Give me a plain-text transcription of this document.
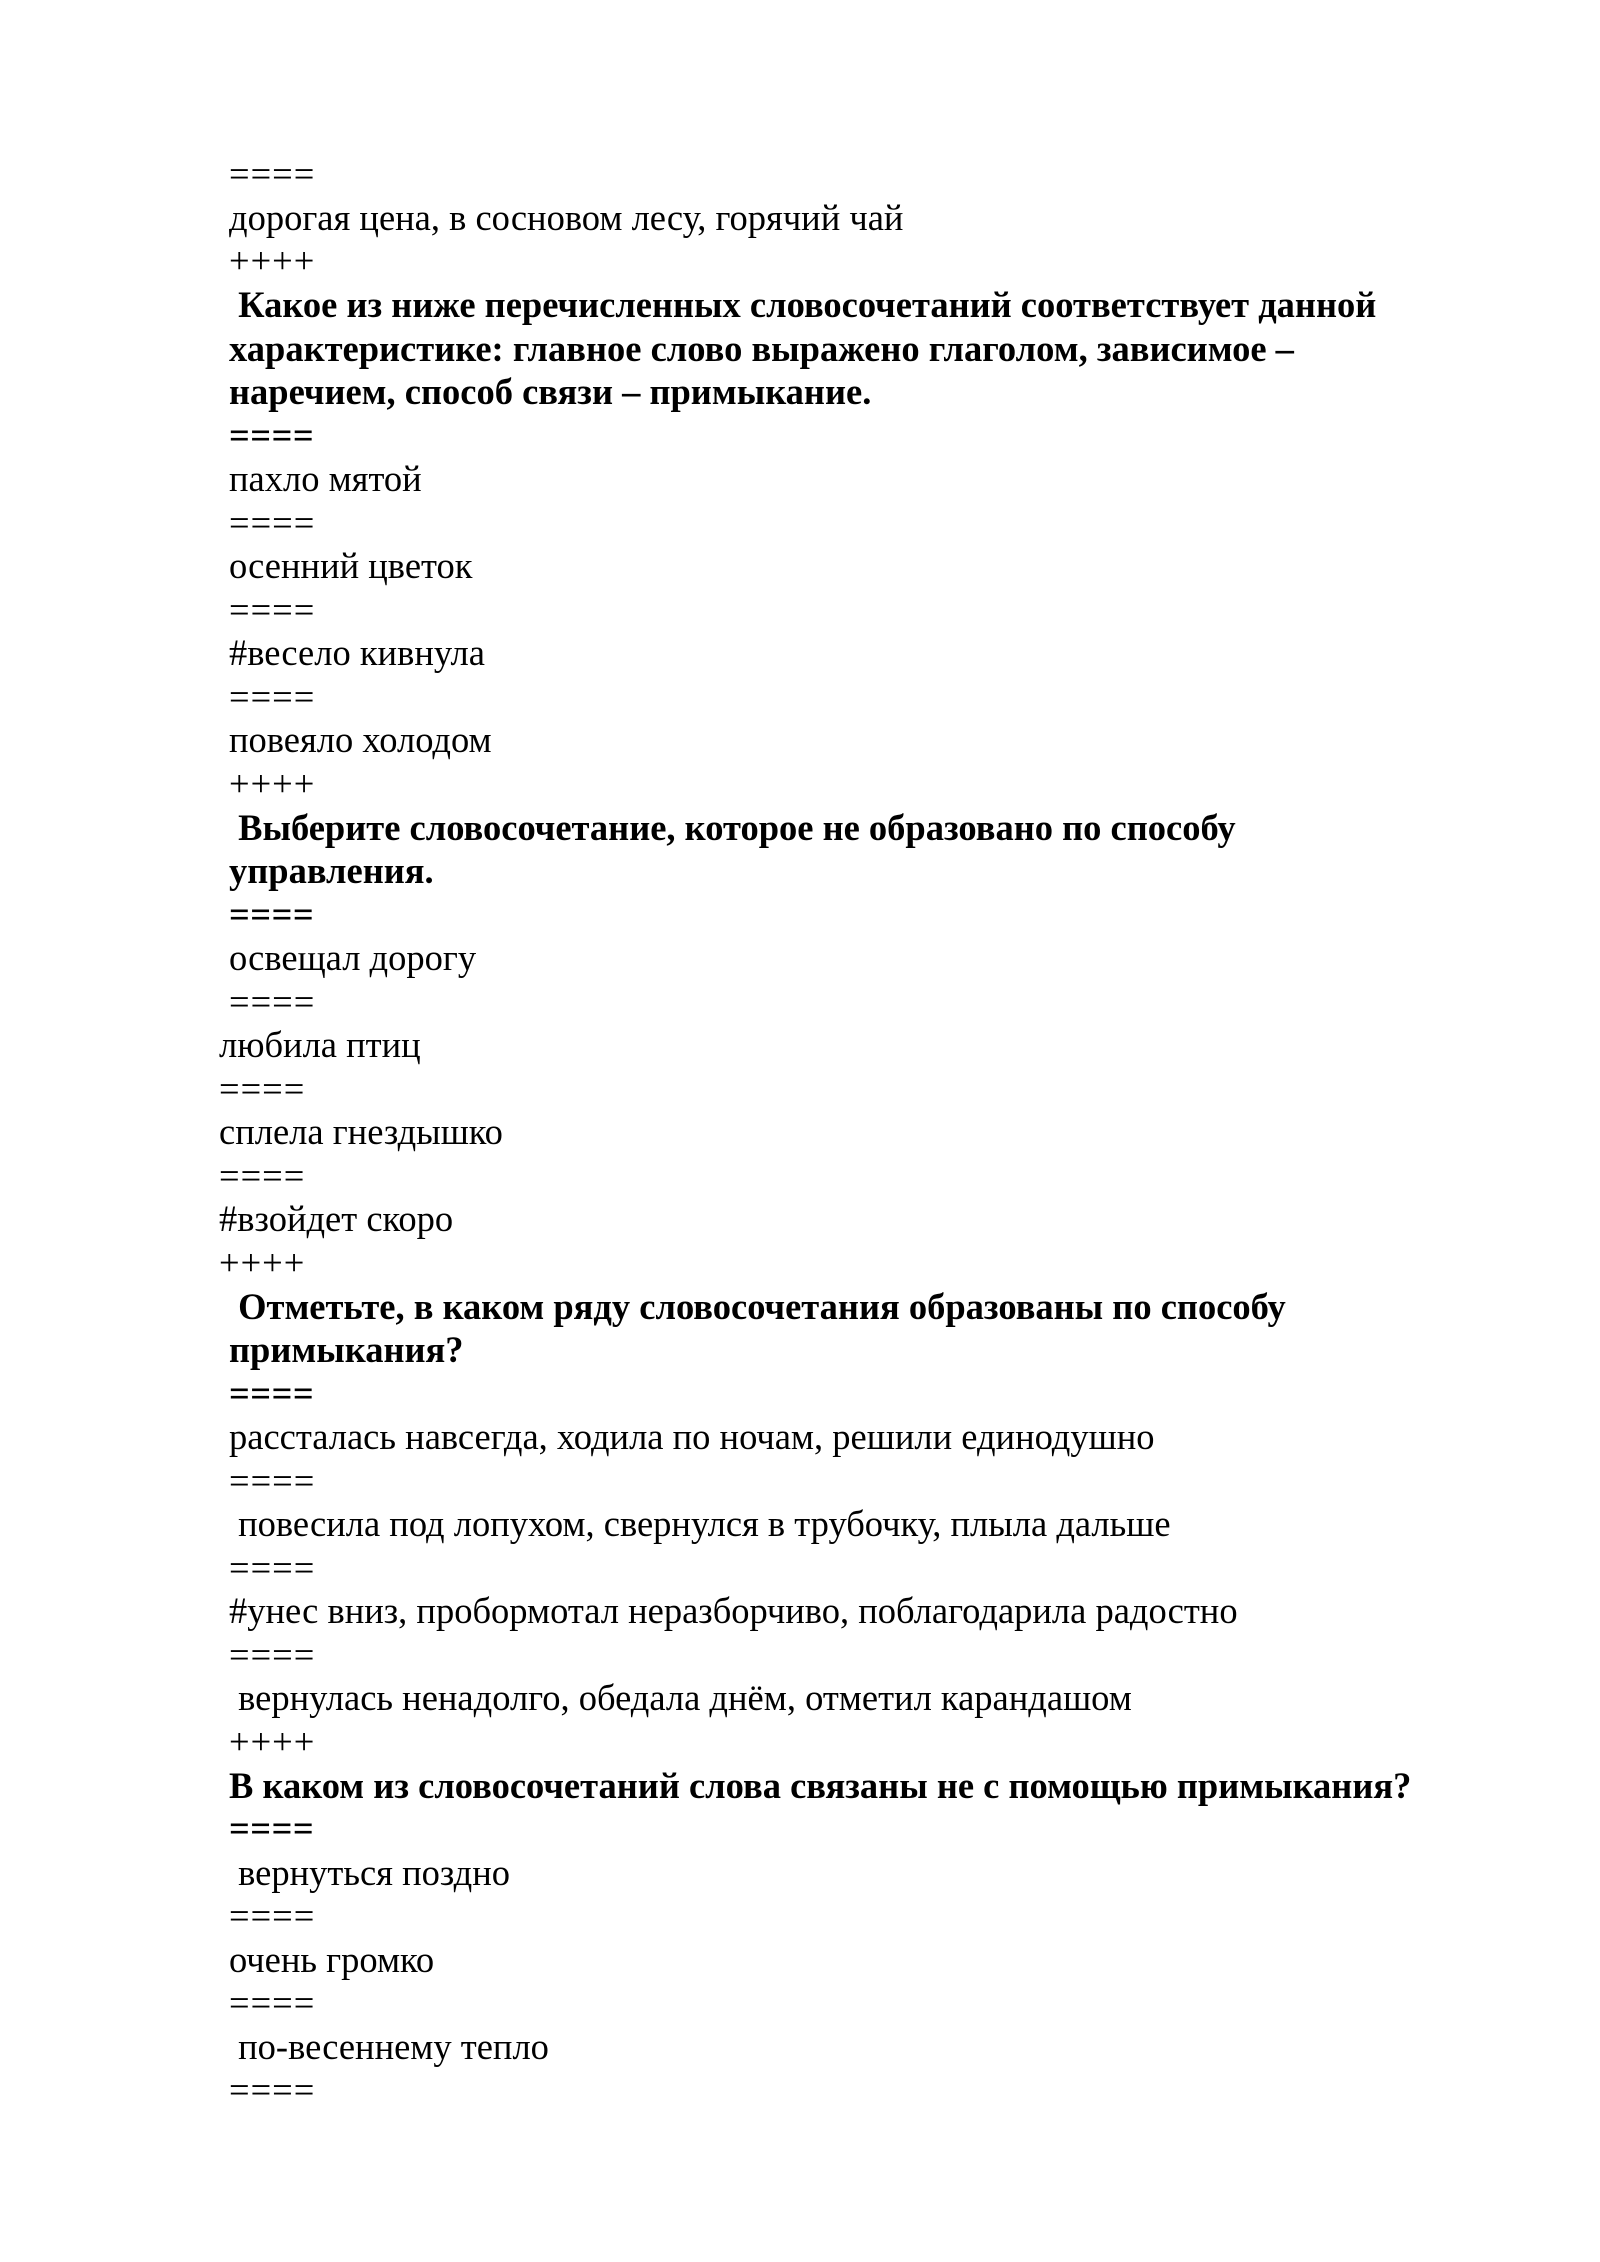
====

дорогая цена, в сосновом лесу, горячий чай

++++

Какое из ниже перечисленных словосочетаний соответствует данной

характеристике: главное слово выражено глаголом, зависимое –

наречием, способ связи – примыкание.

====

пахло мятой

====

осенний цветок

====

#весело кивнула

====

повеяло холодом

++++

Выберите словосочетание, которое не образовано по способу

управления.

====

освещал дорогу

====

любила птиц

====

сплела гнездышко

====

#взойдет скоро

++++

Отметьте, в каком ряду словосочетания образованы по способу

примыкания?

====

рассталась навсегда, ходила по ночам, решили единодушно

====

повесила под лопухом, свернулся в трубочку, плыла дальше

====

#унес вниз, пробормотал неразборчиво, поблагодарила радостно

====

вернулась ненадолго, обедала днём, отметил карандашом

++++

В каком из словосочетаний слова связаны не с помощью примыкания?

====

вернуться поздно

====

очень громко

====

по-весеннему тепло

====
